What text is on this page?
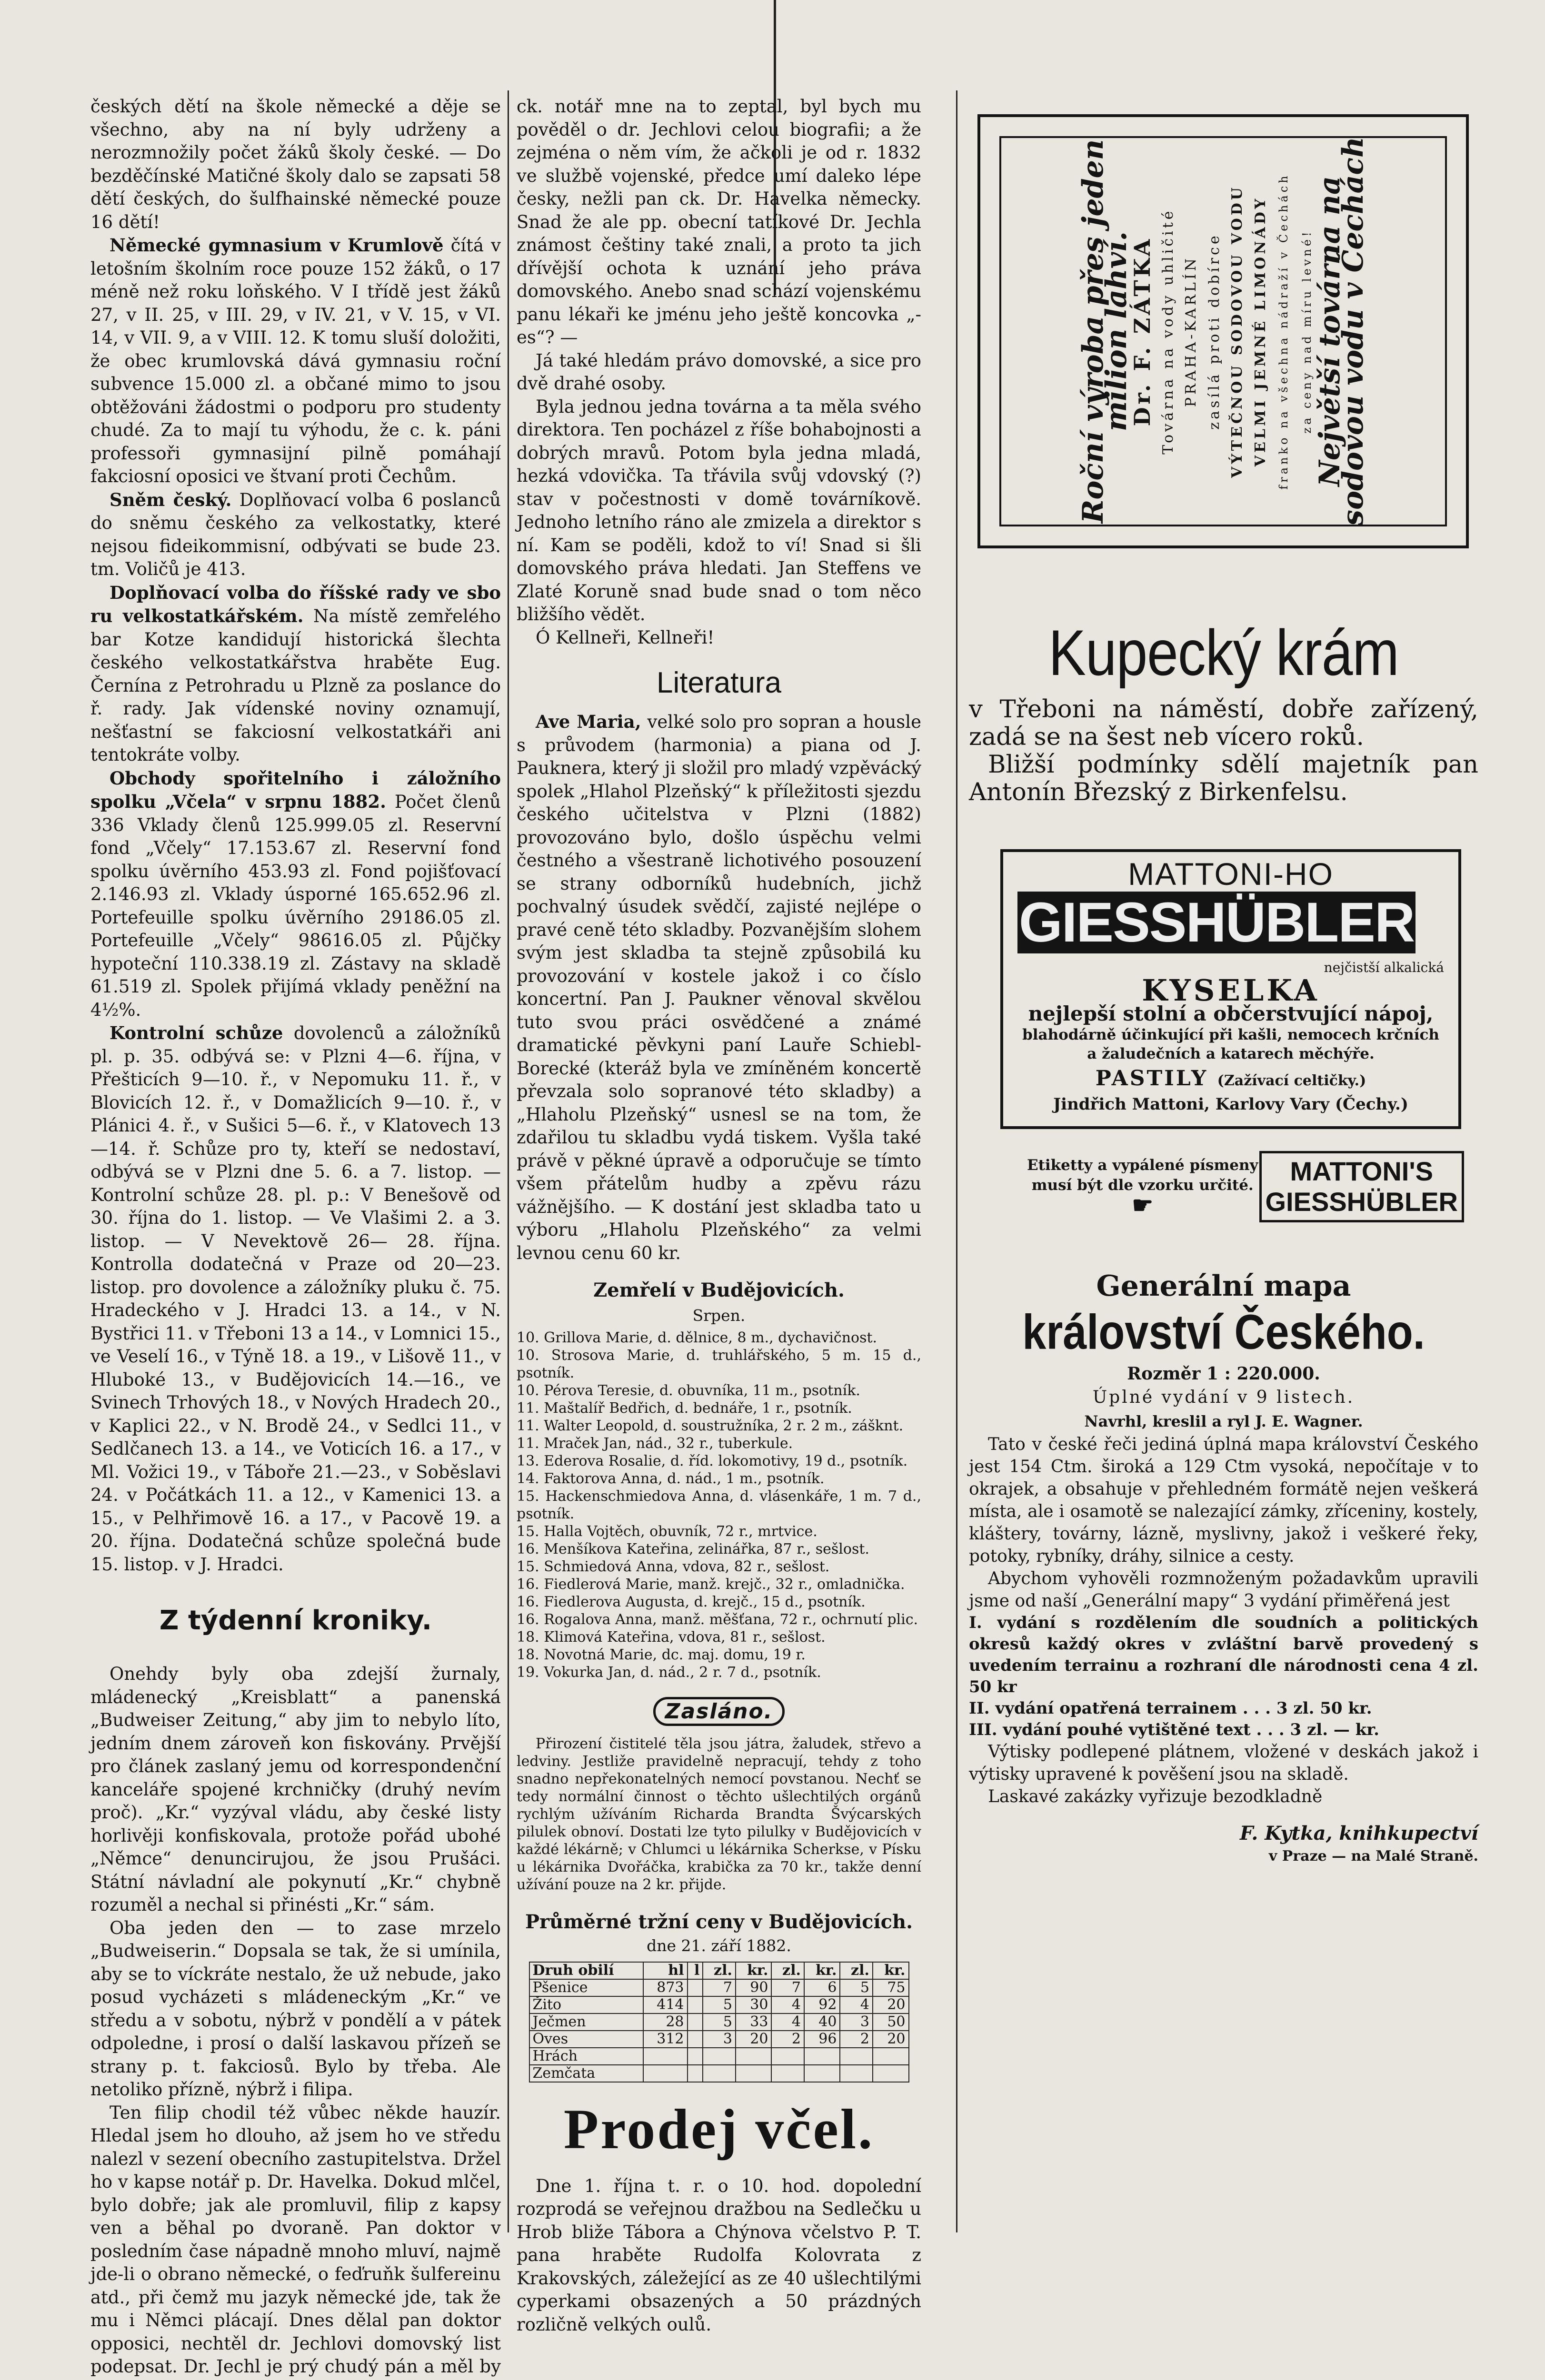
českých dětí na škole německé a děje se všechno, aby na ní byly udrženy a nerozmnožily počet žáků školy české. — Do bezděčínské Matičné školy dalo se zapsati 58 dětí českých, do šulfhainské německé pouze 16 dětí!

Německé gymnasium v Krumlově čítá v letošním školním roce pouze 152 žáků, o 17 méně než roku loňského. V I třídě jest žáků 27, v II. 25, v III. 29, v IV. 21, v V. 15, v VI. 14, v VII. 9, a v VIII. 12. K tomu sluší doložiti, že obec krumlovská dává gymnasiu roční subvence 15.000 zl. a občané mimo to jsou obtěžováni žádostmi o podporu pro studenty chudé. Za to mají tu výhodu, že c. k. páni professoři gymnasijní pilně pomáhají fakciosní oposici ve štvaní proti Čechům.

Sněm český. Doplňovací volba 6 poslanců do sněmu českého za velkostatky, které nejsou fideikommisní, odbývati se bude 23. tm. Voličů je 413.

Doplňovací volba do říšské rady ve sbo ru velkostatkářském. Na místě zemřelého bar Kotze kandidují historická šlechta českého velkostatkářstva hraběte Eug. Černína z Petrohradu u Plzně za poslance do ř. rady. Jak vídenské noviny oznamují, nešťastní se fakciosní velkostatkáři ani tentokráte volby.

Obchody spořitelního i záložního spolku „Včela“ v srpnu 1882. Počet členů 336 Vklady členů 125.999.05 zl. Reservní fond „Včely“ 17.153.67 zl. Reservní fond spolku úvěrního 453.93 zl. Fond pojišťovací 2.146.93 zl. Vklady úsporné 165.652.96 zl. Portefeuille spolku úvěrního 29186.05 zl. Portefeuille „Včely“ 98616.05 zl. Půjčky hypoteční 110.338.19 zl. Zástavy na skladě 61.519 zl. Spolek přijímá vklady peněžní na 4½%.

Kontrolní schůze dovolenců a záložníků pl. p. 35. odbývá se: v Plzni 4—6. října, v Přešticích 9—10. ř., v Nepomuku 11. ř., v Blovicích 12. ř., v Domažlicích 9—10. ř., v Plánici 4. ř., v Sušici 5—6. ř., v Klatovech 13—14. ř. Schůze pro ty, kteří se nedostaví, odbývá se v Plzni dne 5. 6. a 7. listop. — Kontrolní schůze 28. pl. p.: V Benešově od 30. října do 1. listop. — Ve Vlašimi 2. a 3. listop. — V Nevektově 26— 28. října. Kontrolla dodatečná v Praze od 20—23. listop. pro dovolence a záložníky pluku č. 75. Hradeckého v J. Hradci 13. a 14., v N. Bystřici 11. v Třeboni 13 a 14., v Lomnici 15., ve Veselí 16., v Týně 18. a 19., v Lišově 11., v Hluboké 13., v Budějovicích 14.—16., ve Svinech Trhových 18., v Nových Hradech 20., v Kaplici 22., v N. Brodě 24., v Sedlci 11., v Sedlčanech 13. a 14., ve Voticích 16. a 17., v Ml. Vožici 19., v Táboře 21.—23., v Soběslavi 24. v Počátkách 11. a 12., v Kamenici 13. a 15., v Pelhřimově 16. a 17., v Pacově 19. a 20. října. Dodatečná schůze společná bude 15. listop. v J. Hradci.

Z týdenní kroniky.

Onehdy byly oba zdejší žurnaly, mládenecký „Kreisblatt“ a panenská „Budweiser Zeitung,“ aby jim to nebylo líto, jedním dnem zároveň kon fiskovány. Prvější pro článek zaslaný jemu od korrespondenční kanceláře spojené krchničky (druhý nevím proč). „Kr.“ vyzýval vládu, aby české listy horlivěji konfiskovala, protože pořád ubohé „Němce“ denuncirujou, že jsou Prušáci. Státní návladní ale pokynutí „Kr.“ chybně rozuměl a nechal si přinésti „Kr.“ sám.

Oba jeden den — to zase mrzelo „Budweiserin.“ Dopsala se tak, že si umínila, aby se to víckráte nestalo, že už nebude, jako posud vycházeti s mládeneckým „Kr.“ ve středu a v sobotu, nýbrž v pondělí a v pátek odpoledne, i prosí o další laskavou přízeň se strany p. t. fakciosů. Bylo by třeba. Ale netoliko přízně, nýbrž i filipa.

Ten filip chodil též vůbec někde hauzír. Hledal jsem ho dlouho, až jsem ho ve středu nalezl v sezení obecního zastupitelstva. Držel ho v kapse notář p. Dr. Havelka. Dokud mlčel, bylo dobře; jak ale promluvil, filip z kapsy ven a běhal po dvoraně. Pan doktor v posledním čase nápadně mnoho mluví, najmě jde-li o obrano německé, o feďruňk šulfereinu atd., při čemž mu jazyk německé jde, tak že mu i Němci plácají. Dnes dělal pan doktor opposici, nechtěl dr. Jechlovi domovský list podepsat. Dr. Jechl je prý chudý pán a měl by

ck. notář mne na to zeptal, byl bych mu pověděl o dr. Jechlovi celou biografii; a že zejména o něm vím, že ačkoli je od r. 1832 ve službě vojenské, předce umí daleko lépe česky, nežli pan ck. Dr. Havelka německy. Snad že ale pp. obecní tatíkové Dr. Jechla známost češtiny také znali, a proto ta jich dřívější ochota k uznání jeho práva domovského. Anebo snad schází vojenskému panu lékaři ke jménu jeho ještě koncovka „-es“? —

Já také hledám právo domovské, a sice pro dvě drahé osoby.

Byla jednou jedna továrna a ta měla svého direktora. Ten pocházel z říše bohabojnosti a dobrých mravů. Potom byla jedna mladá, hezká vdovička. Ta třávila svůj vdovský (?) stav v počestnosti v domě továrníkově. Jednoho letního ráno ale zmizela a direktor s ní. Kam se poděli, kdož to ví! Snad si šli domovského práva hledati. Jan Steffens ve Zlaté Koruně snad bude snad o tom něco bližšího vědět.

Ó Kellneři, Kellneři!

Literatura

Ave Maria, velké solo pro sopran a housle s průvodem (harmonia) a piana od J. Pauknera, který ji složil pro mladý vzpěvácký spolek „Hlahol Plzeňský“ k příležitosti sjezdu českého učitelstva v Plzni (1882) provozováno bylo, došlo úspěchu velmi čestného a všestraně lichotivého posouzení se strany odborníků hudebních, jichž pochvalný úsudek svědčí, zajisté nejlépe o pravé ceně této skladby. Pozvanějším slohem svým jest skladba ta stejně způsobilá ku provozování v kostele jakož i co číslo koncertní. Pan J. Paukner věnoval skvělou tuto svou práci osvědčené a známé dramatické pěvkyni paní Lauře Schiebl-Borecké (kteráž byla ve zmíněném koncertě převzala solo sopranové této skladby) a „Hlaholu Plzeňský“ usnesl se na tom, že zdařilou tu skladbu vydá tiskem. Vyšla také právě v pěkné úpravě a odporučuje se tímto všem přátelům hudby a zpěvu rázu vážnějšího. — K dostání jest skladba tato u výboru „Hlaholu Plzeňského“ za velmi levnou cenu 60 kr.

Zemřelí v Budějovicích.
Srpen.

10. Grillova Marie, d. dělnice, 8 m., dychavičnost.

10. Strosova Marie, d. truhlářského, 5 m. 15 d., psotník.

10. Pérova Teresie, d. obuvníka, 11 m., psotník.

11. Maštalíř Bedřich, d. bednáře, 1 r., psotník.

11. Walter Leopold, d. soustružníka, 2 r. 2 m., zášknt.

11. Mraček Jan, nád., 32 r., tuberkule.

13. Ederova Rosalie, d. říd. lokomotivy, 19 d., psotník.

14. Faktorova Anna, d. nád., 1 m., psotník.

15. Hackenschmiedova Anna, d. vlásenkáře, 1 m. 7 d., psotník.

15. Halla Vojtěch, obuvník, 72 r., mrtvice.

16. Menšíkova Kateřina, zelinářka, 87 r., sešlost.

15. Schmiedová Anna, vdova, 82 r., sešlost.

16. Fiedlerová Marie, manž. krejč., 32 r., omladnička.

16. Fiedlerova Augusta, d. krejč., 15 d., psotník.

16. Rogalova Anna, manž. měšťana, 72 r., ochrnutí plic.

18. Klimová Kateřina, vdova, 81 r., sešlost.

18. Novotná Marie, dc. maj. domu, 19 r.

19. Vokurka Jan, d. nád., 2 r. 7 d., psotník.

Zasláno.

Přirození čistitelé těla jsou játra, žaludek, střevo a ledviny. Jestliže pravidelně nepracují, tehdy z toho snadno nepřekonatelných nemocí povstanou. Nechť se tedy normální činnost o těchto ušlechtilých orgánů rychlým užíváním Richarda Brandta Švýcarských pilulek obnoví. Dostati lze tyto pilulky v Budějovicích v každé lékárně; v Chlumci u lékárnika Scherkse, v Písku u lékárnika Dvořáčka, krabička za 70 kr., takže denní užívání pouze na 2 kr. přijde.

Průměrné tržní ceny v Budějovicích.
dne 21. září 1882.
Druh obilí	hl	l	zl.	kr.	zl.	kr.	zl.	kr.
Pšenice	873		7	90	7	6	5	75
Žito	414		5	30	4	92	4	20
Ječmen	28		5	33	4	40	3	50
Oves	312		3	20	2	96	2	20
Hrách								
Zemčata								
Prodej včel.

Dne 1. října t. r. o 10. hod. dopolední rozprodá se veřejnou dražbou na Sedlečku u Hrob bliže Tábora a Chýnova včelstvo P. T. pana hraběte Rudolfa Kolovrata z Krakovských, záležející as ze 40 ušlechtilými cyperkami obsazených a 50 prázdných rozličně velkých oulů.

Roční výroba přes jeden milion lahví.
Dr. F. ZÁTKA Továrna na vody uhličité PRAHA-KARLÍN zasílá proti dobírce VÝTEČNOU SODOVOU VODU VELMI JEMNÉ LIMONÁDY franko na všechna nádraží v Čechách za ceny nad míru levné! Největší továrna na sodovou vodu v Čechách
Kupecký krám

v Třeboni na náměstí, dobře zařízený, zadá se na šest neb vícero roků.

Bližší podmínky sdělí majetník pan Antonín Březský z Birkenfelsu.

MATTONI-HO
GIESSHÜBLER
nejčistší alkalická
KYSELKA
nejlepší stolní a občerstvující nápoj,
blahodárně účinkující při kašli, nemocech krčních a žaludečních a katarech měchýře.
PASTILY (Zažívací celtičky.)
Jindřich Mattoni, Karlovy Vary (Čechy.)
Etiketty a vypálené písmeny musí být dle vzorku určité. ☛
MATTONI'S
GIESSHÜBLER
Generální mapa
království Českého.
Rozměr 1 : 220.000.
Úplné vydání v 9 listech.
Navrhl, kreslil a ryl J. E. Wagner.

Tato v české řeči jediná úplná mapa království Českého jest 154 Ctm. široká a 129 Ctm vysoká, nepočítaje v to okrajek, a obsahuje v přehledném formátě nejen veškerá místa, ale i osamotě se nalezající zámky, zříceniny, kostely, kláštery, továrny, lázně, myslivny, jakož i veškeré řeky, potoky, rybníky, dráhy, silnice a cesty.

Abychom vyhověli rozmnoženým požadavkům upravili jsme od naší „Generální mapy“ 3 vydání přiměřená jest

I. vydání s rozdělením dle soudních a politických okresů každý okres v zvláštní barvě provedený s uvedením terrainu a rozhraní dle národnosti cena 4 zl. 50 kr

II. vydání opatřená terrainem . . . 3 zl. 50 kr.

III. vydání pouhé vytištěné text . . . 3 zl. — kr.

Výtisky podlepené plátnem, vložené v deskách jakož i výtisky upravené k pověšení jsou na skladě.

Laskavé zakázky vyřizuje bezodkladně

F. Kytka, knihkupectví
v Praze — na Malé Straně.
